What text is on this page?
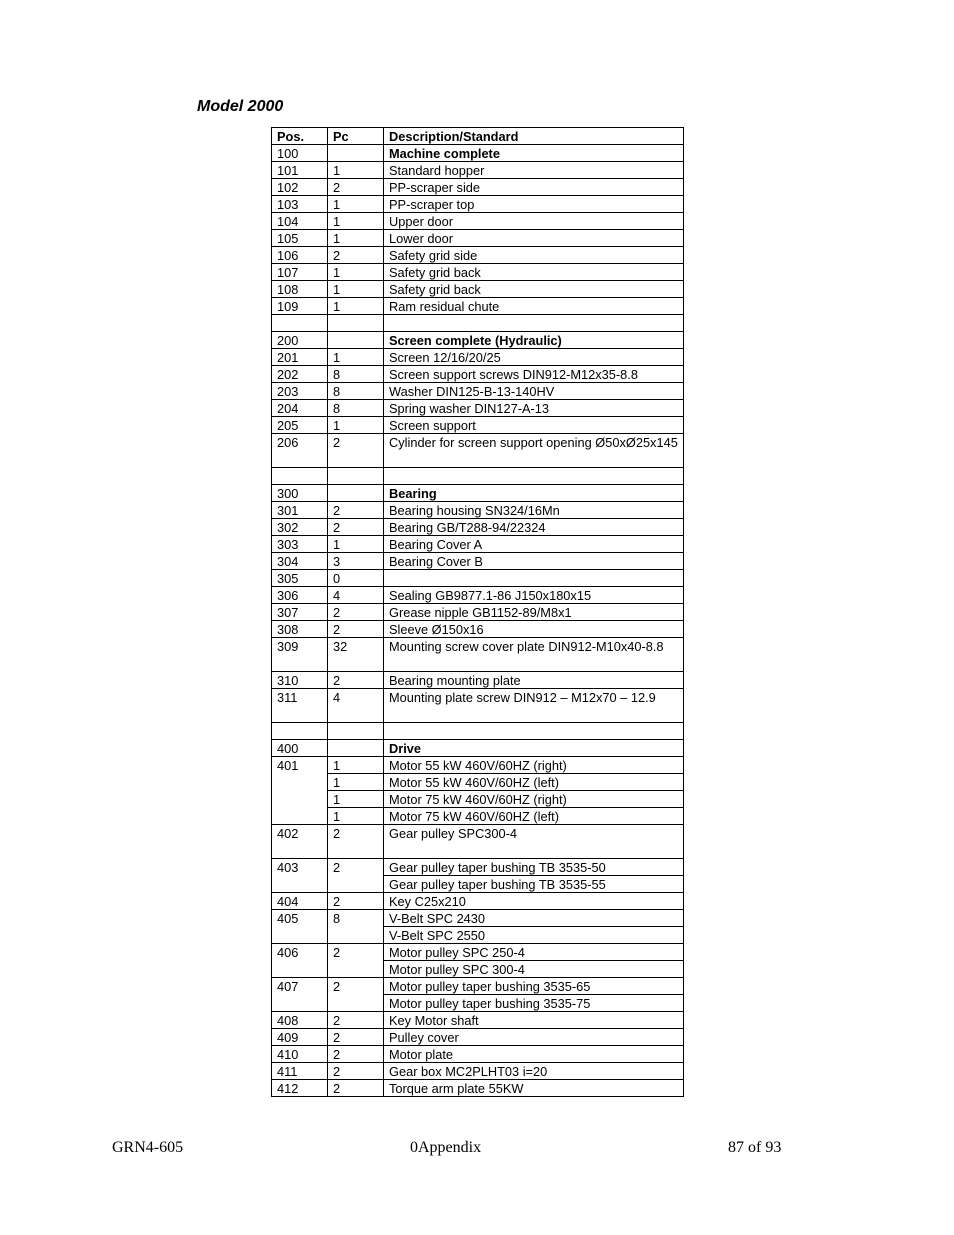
Model 2000
Pos.	Pc	Description/Standard
100		Machine complete
101	1	Standard hopper
102	2	PP-scraper side
103	1	PP-scraper top
104	1	Upper door
105	1	Lower door
106	2	Safety grid side
107	1	Safety grid back
108	1	Safety grid back
109	1	Ram residual chute

200		Screen complete (Hydraulic)
201	1	Screen 12/16/20/25
202	8	Screen support screws DIN912-M12x35-8.8
203	8	Washer DIN125-B-13-140HV
204	8	Spring washer DIN127-A-13
205	1	Screen support
206	2	Cylinder for screen support opening Ø50xØ25x145

300		Bearing
301	2	Bearing housing SN324/16Mn
302	2	Bearing GB/T288-94/22324
303	1	Bearing Cover A
304	3	Bearing Cover B
305	0	
306	4	Sealing GB9877.1-86 J150x180x15
307	2	Grease nipple GB1152-89/M8x1
308	2	Sleeve Ø150x16
309	32	Mounting screw cover plate DIN912-M10x40-8.8
310	2	Bearing mounting plate
311	4	Mounting plate screw DIN912 – M12x70 – 12.9

400		Drive
401	1	Motor 55 kW 460V/60HZ (right)
	1	Motor 55 kW 460V/60HZ (left)
	1	Motor 75 kW 460V/60HZ (right)
	1	Motor 75 kW 460V/60HZ (left)
402	2	Gear pulley SPC300-4
403	2	Gear pulley taper bushing TB 3535-50
		Gear pulley taper bushing TB 3535-55
404	2	Key C25x210
405	8	V-Belt SPC 2430
		V-Belt SPC 2550
406	2	Motor pulley SPC 250-4
		Motor pulley SPC 300-4
407	2	Motor pulley taper bushing 3535-65
		Motor pulley taper bushing 3535-75
408	2	Key Motor shaft
409	2	Pulley cover
410	2	Motor plate
411	2	Gear box MC2PLHT03 i=20
412	2	Torque arm plate 55KW
GRN4-605	0Appendix	87 of 93
